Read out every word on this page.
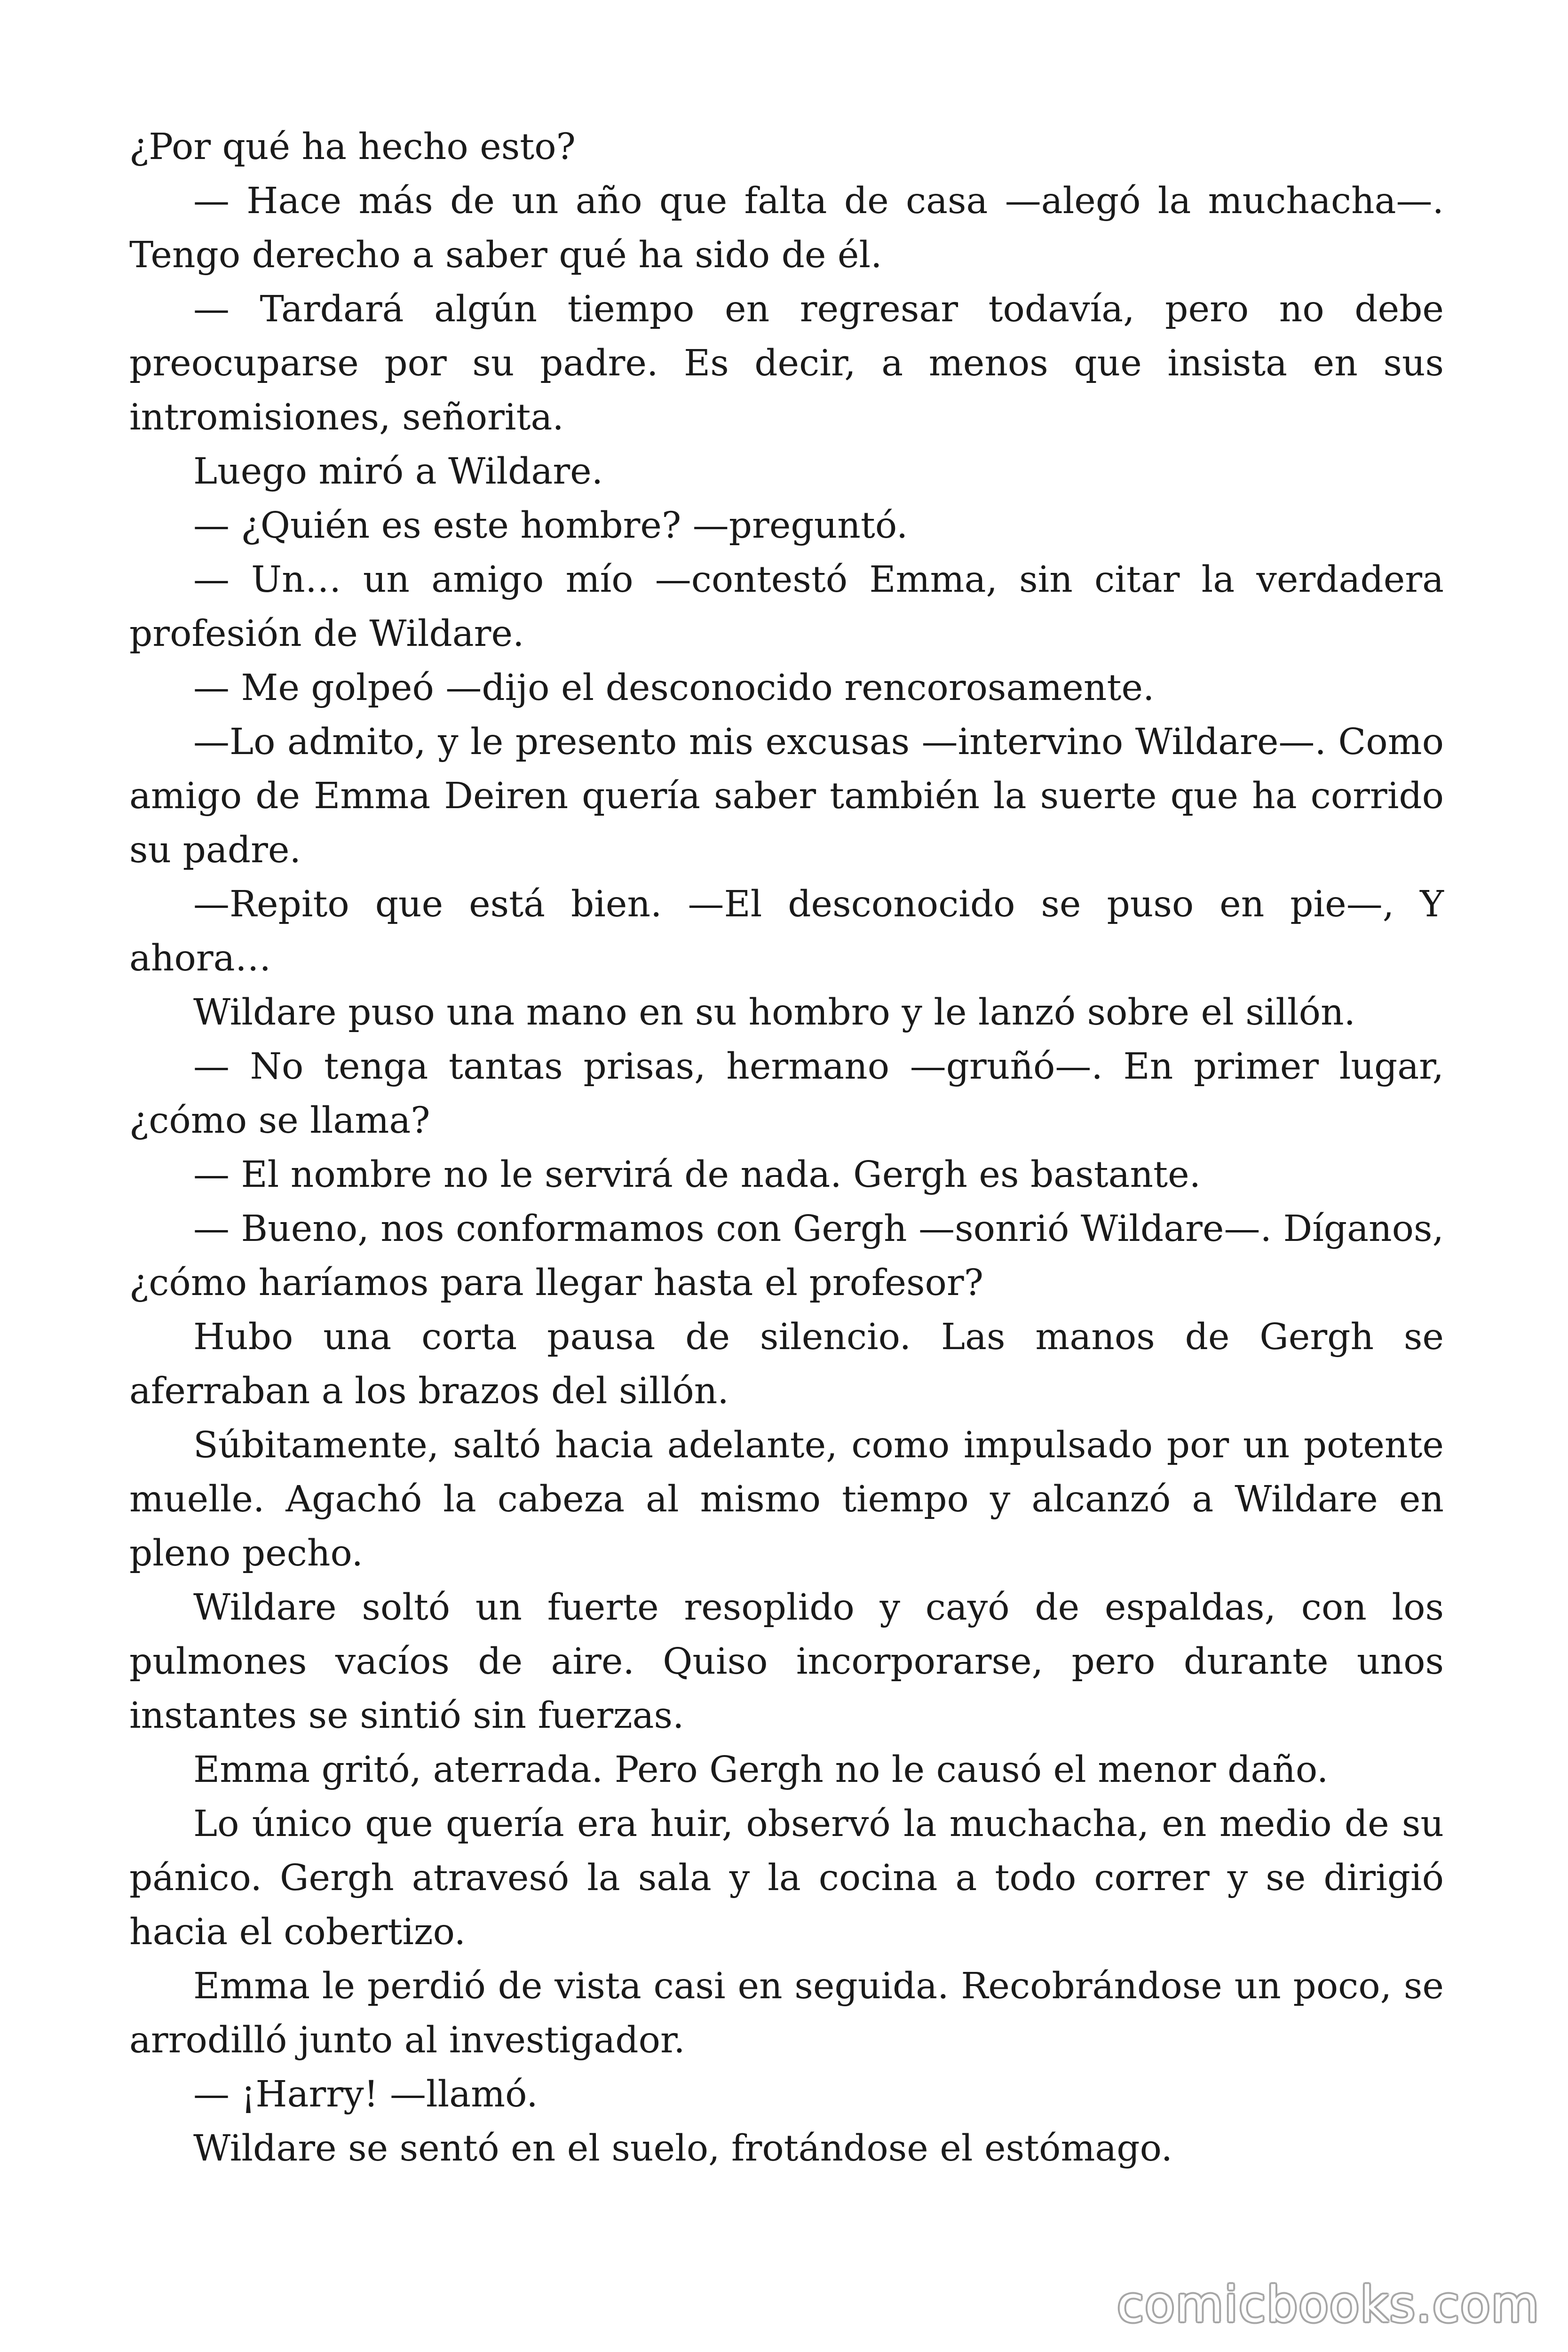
¿Por qué ha hecho esto?

— Hace más de un año que falta de casa —alegó la muchacha—. Tengo derecho a saber qué ha sido de él.

— Tardará algún tiempo en regresar todavía, pero no debe preocuparse por su padre. Es decir, a menos que insista en sus intromisiones, señorita.

Luego miró a Wildare.

— ¿Quién es este hombre? —preguntó.

— Un… un amigo mío —contestó Emma, sin citar la verdadera profesión de Wildare.

— Me golpeó —dijo el desconocido rencorosamente.

—Lo admito, y le presento mis excusas —intervino Wildare—. Como amigo de Emma Deiren quería saber también la suerte que ha corrido su padre.

—Repito que está bien. —El desconocido se puso en pie—, Y ahora…

Wildare puso una mano en su hombro y le lanzó sobre el sillón.

— No tenga tantas prisas, hermano —gruñó—. En primer lugar, ¿cómo se llama?

— El nombre no le servirá de nada. Gergh es bastante.

— Bueno, nos conformamos con Gergh —sonrió Wildare—. Díganos, ¿cómo haríamos para llegar hasta el profesor?

Hubo una corta pausa de silencio. Las manos de Gergh se aferraban a los brazos del sillón.

Súbitamente, saltó hacia adelante, como impulsado por un potente muelle. Agachó la cabeza al mismo tiempo y alcanzó a Wildare en pleno pecho.

Wildare soltó un fuerte resoplido y cayó de espaldas, con los pulmones vacíos de aire. Quiso incorporarse, pero durante unos instantes se sintió sin fuerzas.

Emma gritó, aterrada. Pero Gergh no le causó el menor daño.

Lo único que quería era huir, observó la muchacha, en medio de su pánico. Gergh atravesó la sala y la cocina a todo correr y se dirigió hacia el cobertizo.

Emma le perdió de vista casi en seguida. Recobrándose un poco, se arrodilló junto al investigador.

— ¡Harry! —llamó.

Wildare se sentó en el suelo, frotándose el estómago.

comicbooks.com
